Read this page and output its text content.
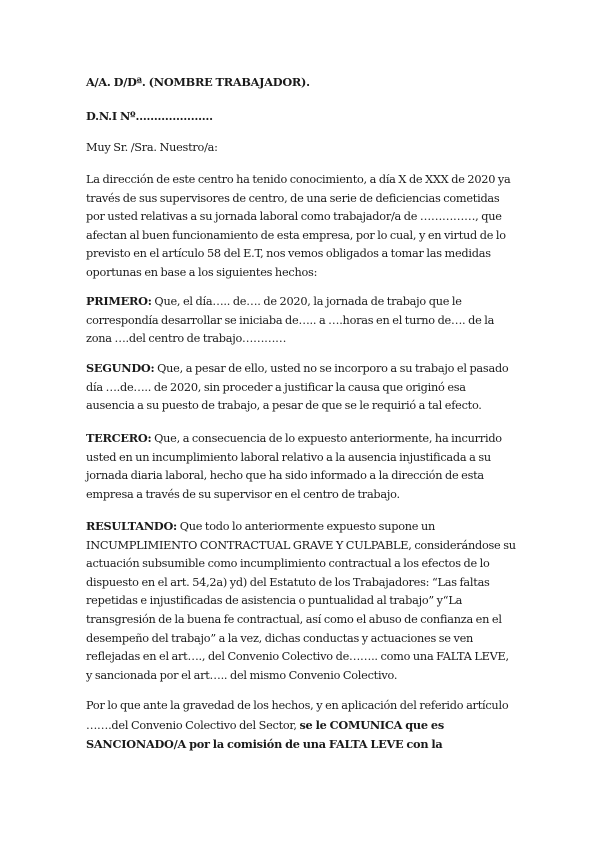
A/A. D/Dª. (NOMBRE TRABAJADOR).

D.N.I Nº…………………

Muy Sr. /Sra. Nuestro/a:

La dirección de este centro ha tenido conocimiento, a día X de XXX de 2020 ya través de sus supervisores de centro, de una serie de deficiencias cometidas por usted relativas a su jornada laboral como trabajador/a de ……………, que afectan al buen funcionamiento de esta empresa, por lo cual, y en virtud de lo previsto en el artículo 58 del E.T, nos vemos obligados a tomar las medidas oportunas en base a los siguientes hechos:

PRIMERO: Que, el día….. de…. de 2020, la jornada de trabajo que le correspondía desarrollar se iniciaba de….. a ….horas en el turno de…. de la zona ….del centro de trabajo…………

SEGUNDO: Que, a pesar de ello, usted no se incorporo a su trabajo el pasado día ….de….. de 2020, sin proceder a justificar la causa que originó esa ausencia a su puesto de trabajo, a pesar de que se le requirió a tal efecto.

TERCERO: Que, a consecuencia de lo expuesto anteriormente, ha incurrido usted en un incumplimiento laboral relativo a la ausencia injustificada a su jornada diaria laboral, hecho que ha sido informado a la dirección de esta empresa a través de su supervisor en el centro de trabajo.

RESULTANDO: Que todo lo anteriormente expuesto supone un INCUMPLIMIENTO CONTRACTUAL GRAVE Y CULPABLE, considerándose su actuación subsumible como incumplimiento contractual a los efectos de lo dispuesto en el art. 54,2a) yd) del Estatuto de los Trabajadores: “Las faltas repetidas e injustificadas de asistencia o puntualidad al trabajo” y“La transgresión de la buena fe contractual, así como el abuso de confianza en el desempeño del trabajo” a la vez, dichas conductas y actuaciones se ven reflejadas en el art…., del Convenio Colectivo de…….. como una FALTA LEVE, y sancionada por el art….. del mismo Convenio Colectivo.

Por lo que ante la gravedad de los hechos, y en aplicación del referido artículo …….del Convenio Colectivo del Sector, se le COMUNICA que es SANCIONADO/A por la comisión de una FALTA LEVE con la
